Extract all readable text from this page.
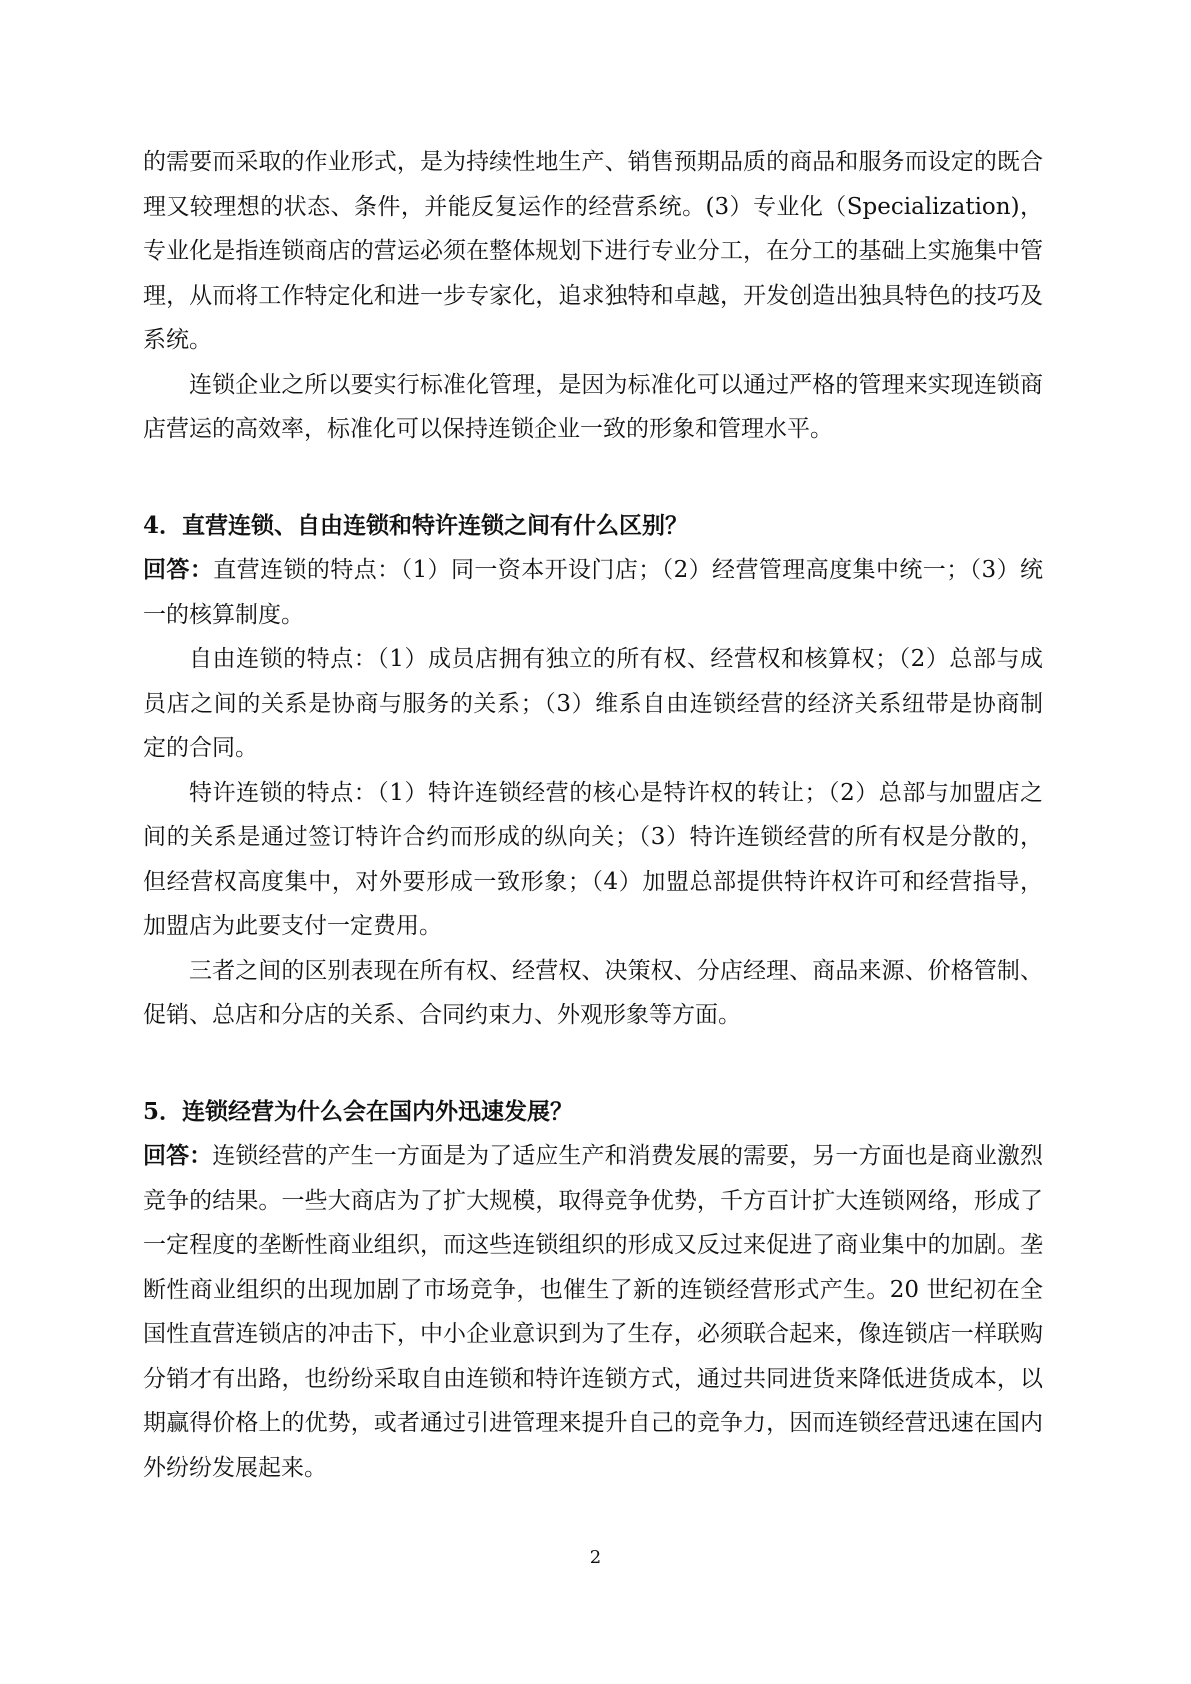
的需要而采取的作业形式，是为持续性地生产、销售预期品质的商品和服务而设定的既合理又较理想的状态、条件，并能反复运作的经营系统。(3）专业化（Specialization)，专业化是指连锁商店的营运必须在整体规划下进行专业分工，在分工的基础上实施集中管理，从而将工作特定化和进一步专家化，追求独特和卓越，开发创造出独具特色的技巧及系统。

连锁企业之所以要实行标准化管理，是因为标准化可以通过严格的管理来实现连锁商店营运的高效率，标准化可以保持连锁企业一致的形象和管理水平。

4．直营连锁、自由连锁和特许连锁之间有什么区别？

回答：直营连锁的特点：（1）同一资本开设门店；（2）经营管理高度集中统一；（3）统一的核算制度。

自由连锁的特点：（1）成员店拥有独立的所有权、经营权和核算权；（2）总部与成员店之间的关系是协商与服务的关系；（3）维系自由连锁经营的经济关系纽带是协商制定的合同。

特许连锁的特点：（1）特许连锁经营的核心是特许权的转让；（2）总部与加盟店之间的关系是通过签订特许合约而形成的纵向关；（3）特许连锁经营的所有权是分散的，但经营权高度集中，对外要形成一致形象；（4）加盟总部提供特许权许可和经营指导，加盟店为此要支付一定费用。

三者之间的区别表现在所有权、经营权、决策权、分店经理、商品来源、价格管制、促销、总店和分店的关系、合同约束力、外观形象等方面。

5．连锁经营为什么会在国内外迅速发展？

回答：连锁经营的产生一方面是为了适应生产和消费发展的需要，另一方面也是商业激烈竞争的结果。一些大商店为了扩大规模，取得竞争优势，千方百计扩大连锁网络，形成了一定程度的垄断性商业组织，而这些连锁组织的形成又反过来促进了商业集中的加剧。垄断性商业组织的出现加剧了市场竞争，也催生了新的连锁经营形式产生。20 世纪初在全国性直营连锁店的冲击下，中小企业意识到为了生存，必须联合起来，像连锁店一样联购分销才有出路，也纷纷采取自由连锁和特许连锁方式，通过共同进货来降低进货成本，以期赢得价格上的优势，或者通过引进管理来提升自己的竞争力，因而连锁经营迅速在国内外纷纷发展起来。

2
